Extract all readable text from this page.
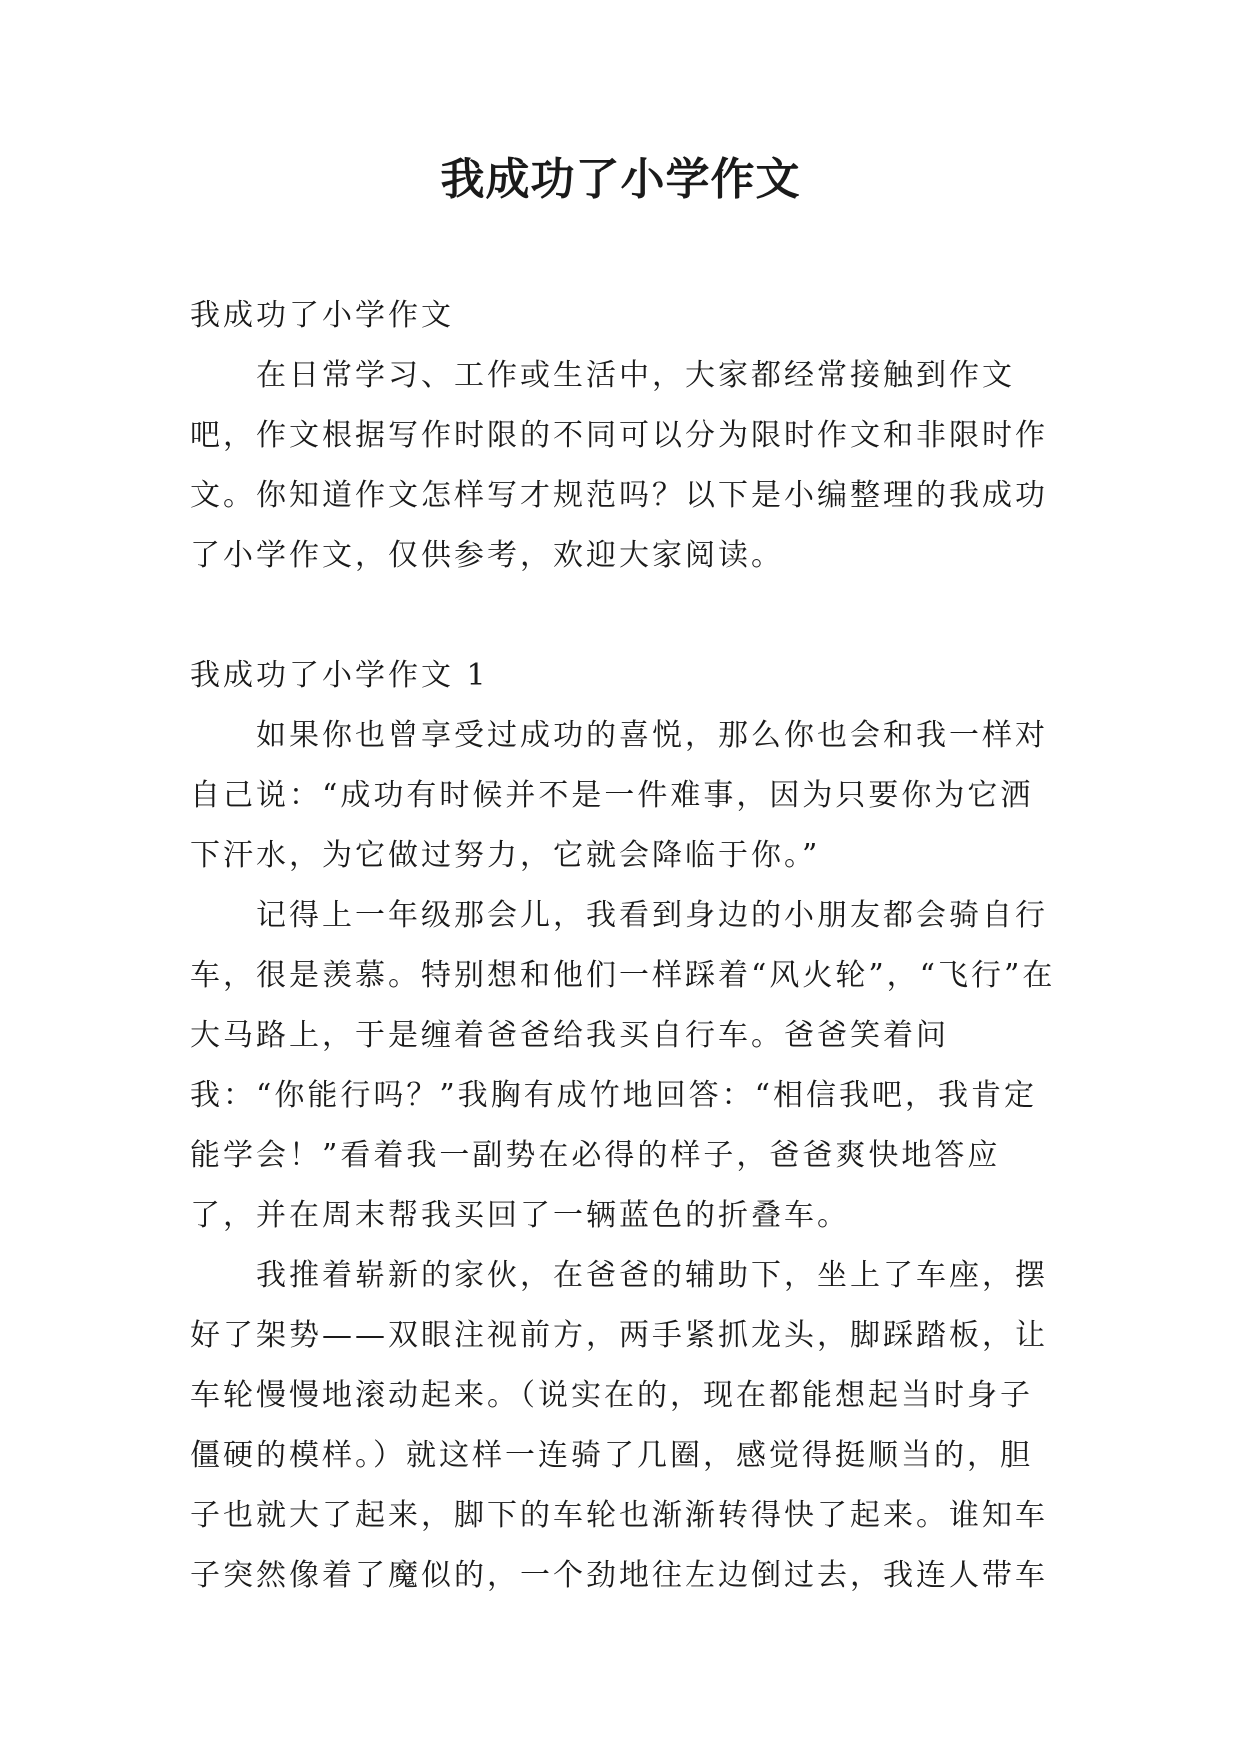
我成功了小学作文

我成功了小学作文

在日常学习、工作或生活中，大家都经常接触到作文吧，作文根据写作时限的不同可以分为限时作文和非限时作文。你知道作文怎样写才规范吗？以下是小编整理的我成功了小学作文，仅供参考，欢迎大家阅读。

我成功了小学作文 1

如果你也曾享受过成功的喜悦，那么你也会和我一样对自己说：“成功有时候并不是一件难事，因为只要你为它洒下汗水，为它做过努力，它就会降临于你。”

记得上一年级那会儿，我看到身边的小朋友都会骑自行车，很是羡慕。特别想和他们一样踩着“风火轮”，“飞行”在大马路上，于是缠着爸爸给我买自行车。爸爸笑着问我：“你能行吗？”我胸有成竹地回答：“相信我吧，我肯定能学会！”看着我一副势在必得的样子，爸爸爽快地答应了，并在周末帮我买回了一辆蓝色的折叠车。

我推着崭新的家伙，在爸爸的辅助下，坐上了车座，摆好了架势——双眼注视前方，两手紧抓龙头，脚踩踏板，让车轮慢慢地滚动起来。（说实在的，现在都能想起当时身子僵硬的模样。）就这样一连骑了几圈，感觉得挺顺当的，胆子也就大了起来，脚下的车轮也渐渐转得快了起来。谁知车子突然像着了魔似的，一个劲地往左边倒过去，我连人带车
